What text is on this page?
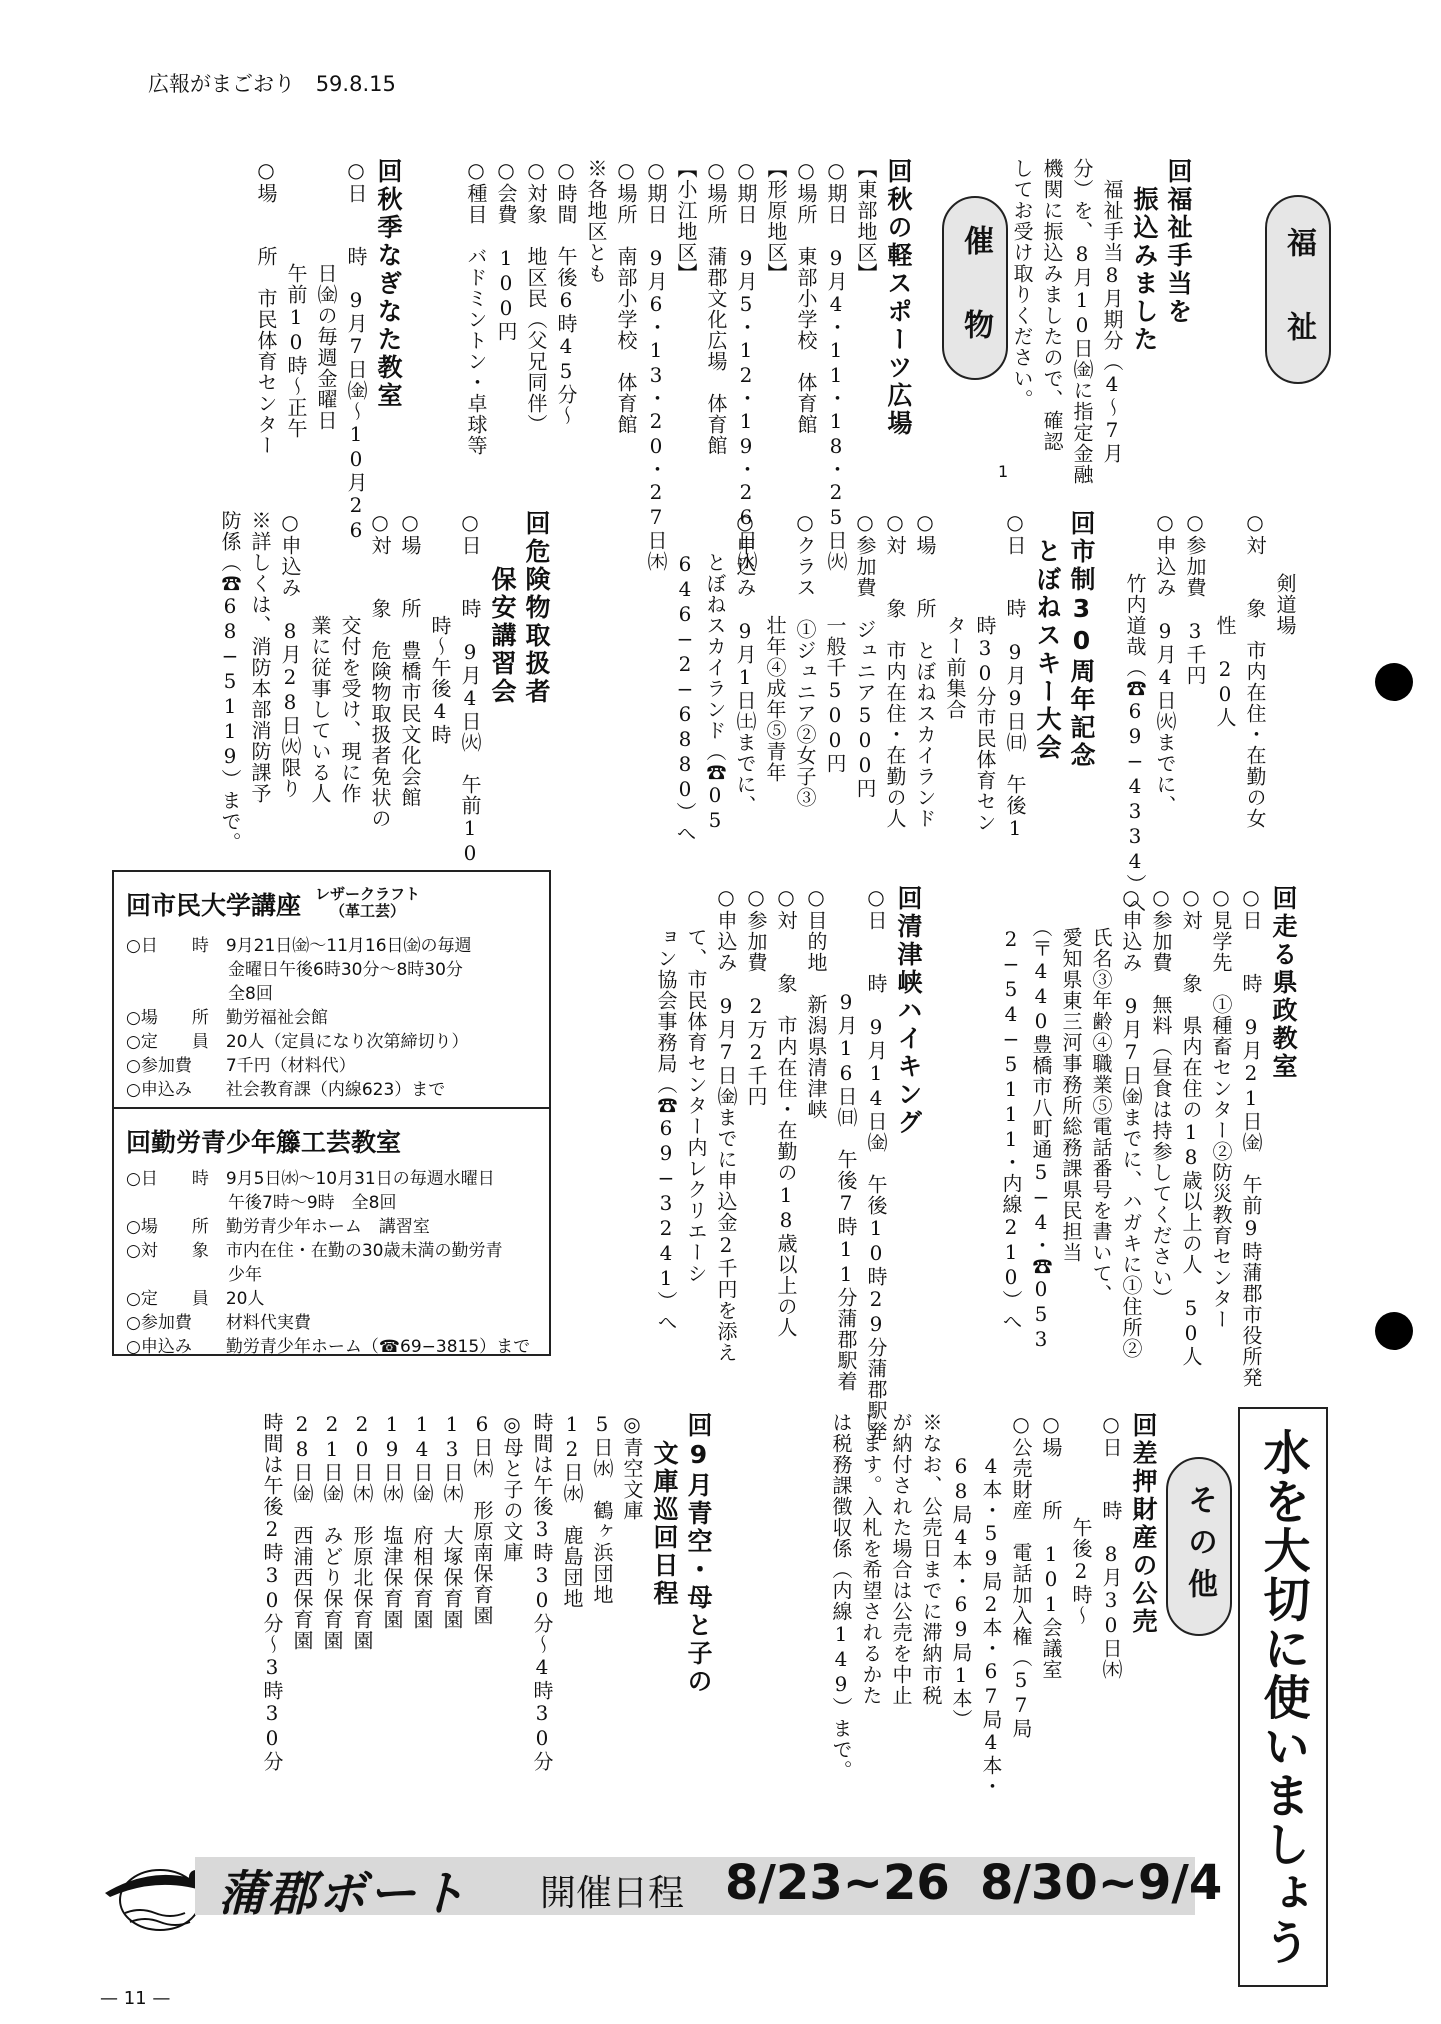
広報がまごおり 59.8.15
福　祉
催　物
その他
1
回福祉手当を
　振込みました
　福祉手当8月期分（4〜7月
分）を、8月10日㈮に指定金融
機関に振込みましたので、確認
してお受け取りください。
回秋の軽スポーツ広場
【東部地区】
○期日　9月4・11・18・25日㈫
○場所　東部小学校　体育館
【形原地区】
○期日　9月5・12・19・26日㈬
○場所　蒲郡文化広場　体育館
【小江地区】
○期日　9月6・13・20・27日㈭
○場所　南部小学校　体育館
※各地区とも
○時間　午後6時45分〜
○対象　地区民（父兄同伴）
○会費　100円
○種目　バドミントン・卓球等
回秋季なぎなた教室
○日　　時　9月7日㈮〜10月26
　　　　　日㈮の毎週金曜日
　　　　　午前10時〜正午
○場　　所　市民体育センター
　　　剣道場
○対　　象　市内在住・在勤の女
　　　　　性　20人
○参加費　3千円
○申込み　9月4日㈫までに、
　　　竹内道哉（☎69−4334）へ
回市制30周年記念
　とぼねスキー大会
○日　　時　9月9日㈰　午後1
　　　　　時30分市民体育セン
　　　　　ター前集合
○場　　所　とぼねスカイランド
○対　　象　市内在住・在勤の人
○参加費　ジュニア500円
　　　　　一般千500円
○クラス　①ジュニア②女子③
　　　　　壮年④成年⑤青年
○申込み　9月1日㈯までに、
　　とぼねスカイランド（☎05
　　646−2−6880）へ
回危険物取扱者
　　保安講習会
○日　　時　9月4日㈫　午前10
　　　　　時〜午後4時
○場　　所　豊橋市民文化会館
○対　　象　危険物取扱者免状の
　　　　　交付を受け、現に作
　　　　　業に従事している人
○申込み　8月28日㈫限り
※詳しくは、消防本部消防課予
防係（☎68−5119）まで。
回市民大学講座 レザークラフト
（革工芸）
○日　　時　9月21日㈮〜11月16日㈮の毎週
　　　　　　金曜日午後6時30分〜8時30分
　　　　　　全8回
○場　　所　勤労福祉会館
○定　　員　20人（定員になり次第締切り）
○参加費　　7千円（材料代）
○申込み　　社会教育課（内線623）まで
回勤労青少年籐工芸教室
○日　　時　9月5日㈬〜10月31日の毎週水曜日
　　　　　　午後7時〜9時　全8回
○場　　所　勤労青少年ホーム　講習室
○対　　象　市内在住・在勤の30歳未満の勤労青
　　　　　　少年
○定　　員　20人
○参加費　　材料代実費
○申込み　　勤労青少年ホーム（☎69−3815）まで
回走る県政教室
○日　　時　9月21日㈮　午前9時蒲郡市役所発
○見学先　①種畜センター②防災教育センター
○対　　象　県内在住の18歳以上の人　50人
○参加費　無料（昼食は持参してください）
○申込み　9月7日㈮までに、ハガキに①住所②
　　氏名③年齢④職業⑤電話番号を書いて、
　　愛知県東三河事務所総務課県民担当
　　（〒440豊橋市八町通5−4・☎053
　　2−54−5111・内線210）へ
回清津峡ハイキング
○日　　時　9月14日㈮　午後10時29分蒲郡駅発
　　　　　9月16日㈰　午後7時11分蒲郡駅着
○目的地　新潟県清津峡
○対　　象　市内在住・在勤の18歳以上の人
○参加費　2万2千円
○申込み　9月7日㈮までに申込金2千円を添え
　　て、市民体育センター内レクリエーシ
　　ョン協会事務局（☎69−3241）へ
水を大切に使いましょう
回差押財産の公売
○日　　時　8月30日㈭
　　　　　午後2時〜
○場　　所　101会議室
○公売財産　電話加入権（57局
　　4本・59局2本・67局4本・
　　68局4本・69局1本）
※なお、公売日までに滞納市税
が納付された場合は公売を中止
します。入札を希望されるかた
は税務課徴収係（内線149）まで。
回9月青空・母と子の
　文庫巡回日程
◎青空文庫
5日㈬　鶴ヶ浜団地
12日㈬　鹿島団地
時間は午後3時30分〜4時30分
◎母と子の文庫
6日㈭　形原南保育園
13日㈭　大塚保育園
14日㈮　府相保育園
19日㈬　塩津保育園
20日㈭　形原北保育園
21日㈮　みどり保育園
28日㈮　西浦西保育園
時間は午後2時30分〜3時30分
蒲郡ボート 開催日程 8/23~26 8/30~9/4
— 11 —
